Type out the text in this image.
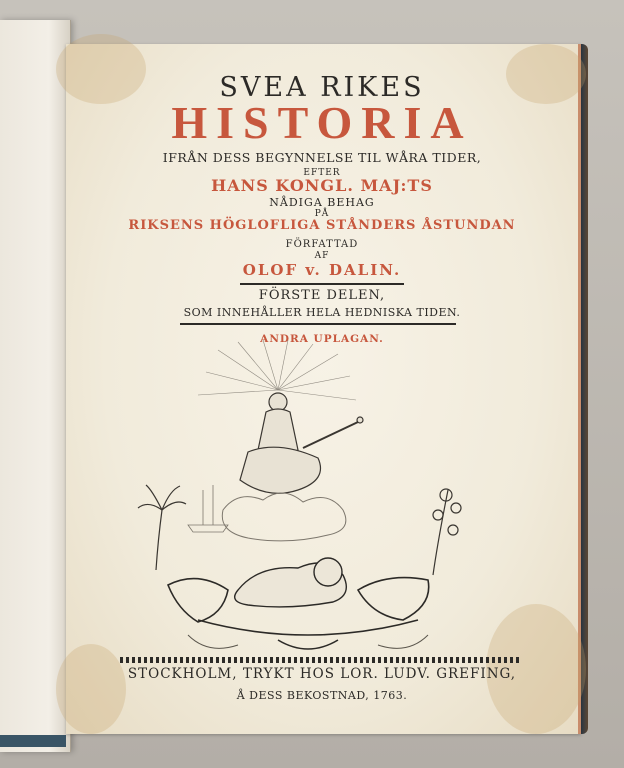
SVEA RIKES
HISTORIA
IFRÅN DESS BEGYNNELSE TIL WÅRA TIDER,
EFTER
HANS KONGL. MAJ:TS
NÅDIGA BEHAG
PÅ
RIKSENS HÖGLOFLIGA STÅNDERS ÅSTUNDAN
FÖRFATTAD
AF
OLOF v. DALIN.
FÖRSTE DELEN,
SOM INNEHÅLLER HELA HEDNISKA TIDEN.
ANDRA UPLAGAN.
STOCKHOLM, TRYKT HOS LOR. LUDV. GREFING,
Å DESS BEKOSTNAD, 1763.
